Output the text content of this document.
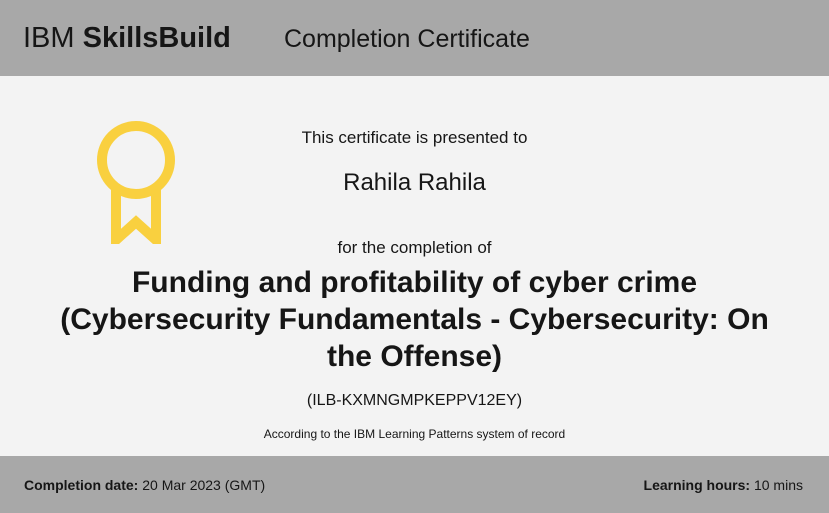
IBM SkillsBuild Completion Certificate
This certificate is presented to
Rahila Rahila
for the completion of
Funding and profitability of cyber crime (Cybersecurity Fundamentals - Cybersecurity: On the Offense)
(ILB-KXMNGMPKEPPV12EY)
According to the IBM Learning Patterns system of record
Completion date: 20 Mar 2023 (GMT)	Learning hours: 10 mins
